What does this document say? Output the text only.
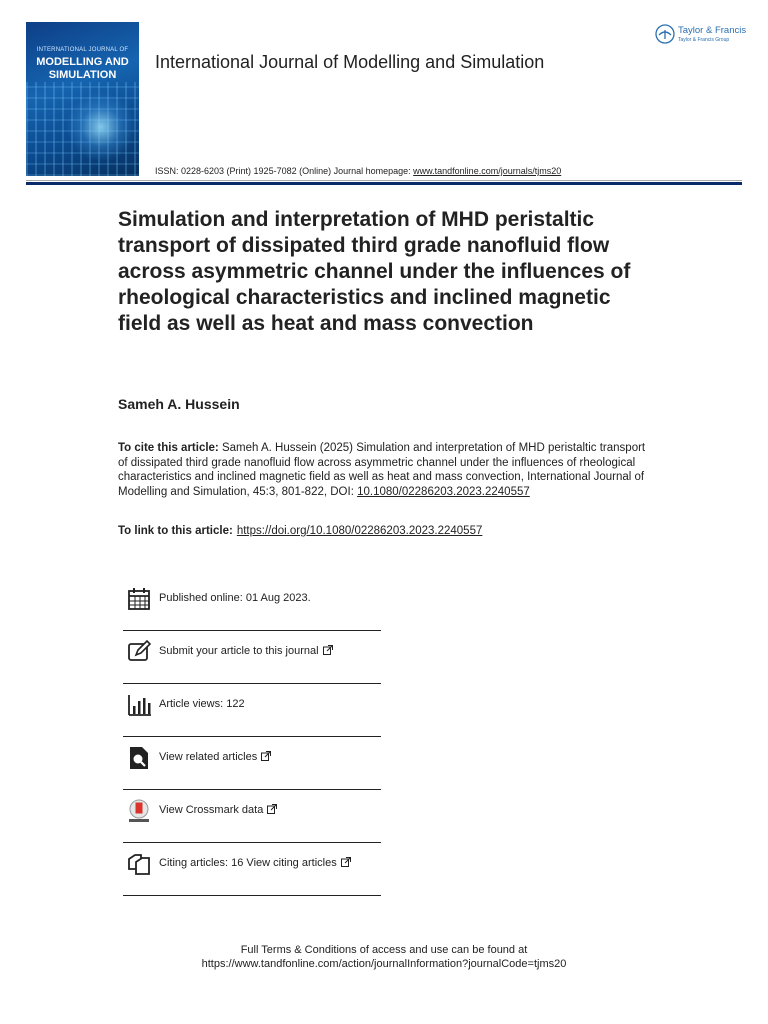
INTERNATIONAL JOURNAL OF
MODELLING AND
SIMULATION
International Journal of Modelling and Simulation
Taylor & Francis
Taylor & Francis Group
ISSN: 0228-6203 (Print) 1925-7082 (Online) Journal homepage: www.tandfonline.com/journals/tjms20
Simulation and interpretation of MHD peristaltic transport of dissipated third grade nanofluid flow across asymmetric channel under the influences of rheological characteristics and inclined magnetic field as well as heat and mass convection
Sameh A. Hussein
To cite this article: Sameh A. Hussein (2025) Simulation and interpretation of MHD peristaltic transport of dissipated third grade nanofluid flow across asymmetric channel under the influences of rheological characteristics and inclined magnetic field as well as heat and mass convection, International Journal of Modelling and Simulation, 45:3, 801-822, DOI: 10.1080/02286203.2023.2240557
To link to this article: https://doi.org/10.1080/02286203.2023.2240557
Published online: 01 Aug 2023.
Submit your article to this journal
Article views: 122
View related articles
View Crossmark data
Citing articles: 16 View citing articles
Full Terms & Conditions of access and use can be found at
https://www.tandfonline.com/action/journalInformation?journalCode=tjms20
